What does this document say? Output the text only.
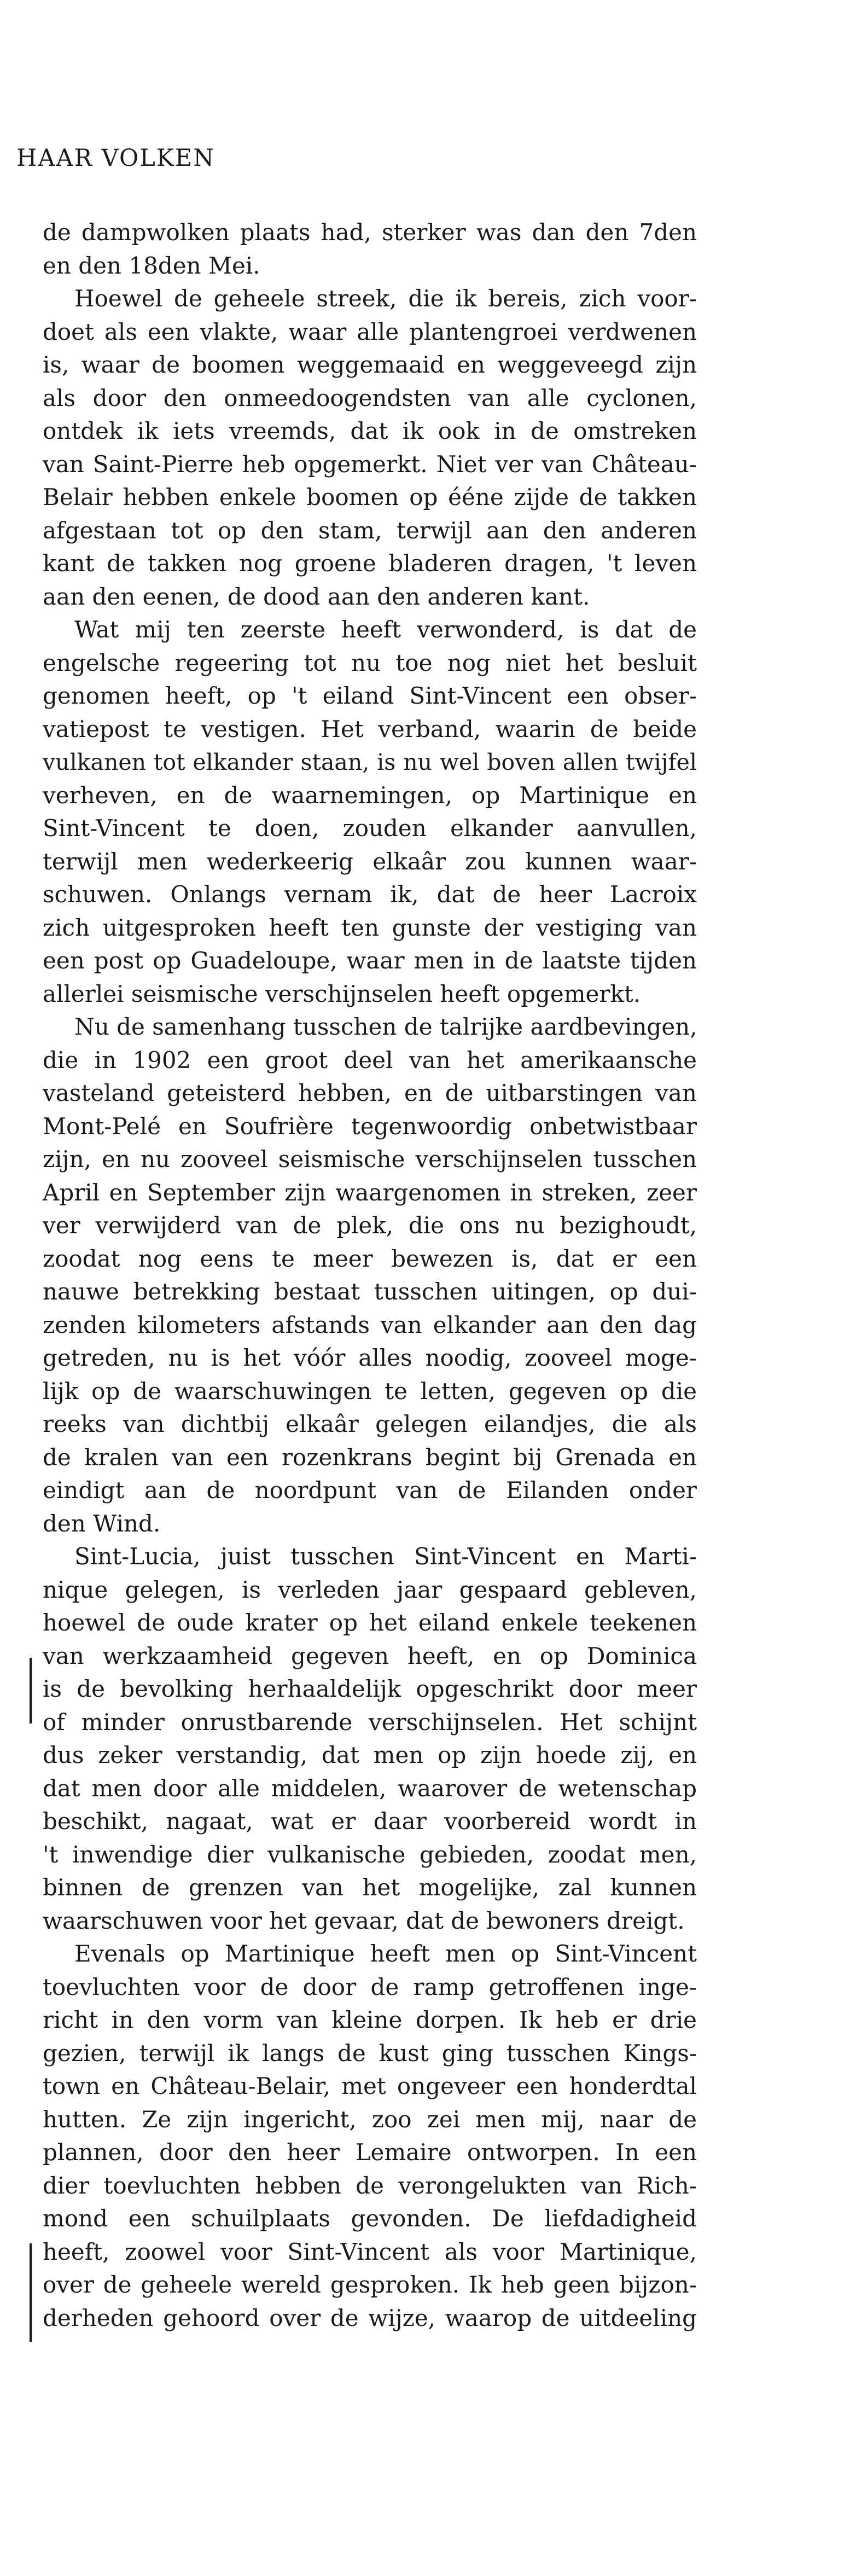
HAAR VOLKEN
de dampwolken plaats had, sterker was dan den 7den
en den 18den Mei.
Hoewel de geheele streek, die ik bereis, zich voor-
doet als een vlakte, waar alle plantengroei verdwenen
is, waar de boomen weggemaaid en weggeveegd zijn
als door den onmeedoogendsten van alle cyclonen,
ontdek ik iets vreemds, dat ik ook in de omstreken
van Saint-Pierre heb opgemerkt. Niet ver van Château-
Belair hebben enkele boomen op ééne zijde de takken
afgestaan tot op den stam, terwijl aan den anderen
kant de takken nog groene bladeren dragen, 't leven
aan den eenen, de dood aan den anderen kant.
Wat mij ten zeerste heeft verwonderd, is dat de
engelsche regeering tot nu toe nog niet het besluit
genomen heeft, op 't eiland Sint-Vincent een obser-
vatiepost te vestigen. Het verband, waarin de beide
vulkanen tot elkander staan, is nu wel boven allen twijfel
verheven, en de waarnemingen, op Martinique en
Sint-Vincent te doen, zouden elkander aanvullen,
terwijl men wederkeerig elkaâr zou kunnen waar-
schuwen. Onlangs vernam ik, dat de heer Lacroix
zich uitgesproken heeft ten gunste der vestiging van
een post op Guadeloupe, waar men in de laatste tijden
allerlei seismische verschijnselen heeft opgemerkt.
Nu de samenhang tusschen de talrijke aardbevingen,
die in 1902 een groot deel van het amerikaansche
vasteland geteisterd hebben, en de uitbarstingen van
Mont-Pelé en Soufrière tegenwoordig onbetwistbaar
zijn, en nu zooveel seismische verschijnselen tusschen
April en September zijn waargenomen in streken, zeer
ver verwijderd van de plek, die ons nu bezighoudt,
zoodat nog eens te meer bewezen is, dat er een
nauwe betrekking bestaat tusschen uitingen, op dui-
zenden kilometers afstands van elkander aan den dag
getreden, nu is het vóór alles noodig, zooveel moge-
lijk op de waarschuwingen te letten, gegeven op die
reeks van dichtbij elkaâr gelegen eilandjes, die als
de kralen van een rozenkrans begint bij Grenada en
eindigt aan de noordpunt van de Eilanden onder
den Wind.
Sint-Lucia, juist tusschen Sint-Vincent en Marti-
nique gelegen, is verleden jaar gespaard gebleven,
hoewel de oude krater op het eiland enkele teekenen
van werkzaamheid gegeven heeft, en op Dominica
is de bevolking herhaaldelijk opgeschrikt door meer
of minder onrustbarende verschijnselen. Het schijnt
dus zeker verstandig, dat men op zijn hoede zij, en
dat men door alle middelen, waarover de wetenschap
beschikt, nagaat, wat er daar voorbereid wordt in
't inwendige dier vulkanische gebieden, zoodat men,
binnen de grenzen van het mogelijke, zal kunnen
waarschuwen voor het gevaar, dat de bewoners dreigt.
Evenals op Martinique heeft men op Sint-Vincent
toevluchten voor de door de ramp getroffenen inge-
richt in den vorm van kleine dorpen. Ik heb er drie
gezien, terwijl ik langs de kust ging tusschen Kings-
town en Château-Belair, met ongeveer een honderdtal
hutten. Ze zijn ingericht, zoo zei men mij, naar de
plannen, door den heer Lemaire ontworpen. In een
dier toevluchten hebben de verongelukten van Rich-
mond een schuilplaats gevonden. De liefdadigheid
heeft, zoowel voor Sint-Vincent als voor Martinique,
over de geheele wereld gesproken. Ik heb geen bijzon-
derheden gehoord over de wijze, waarop de uitdeeling
